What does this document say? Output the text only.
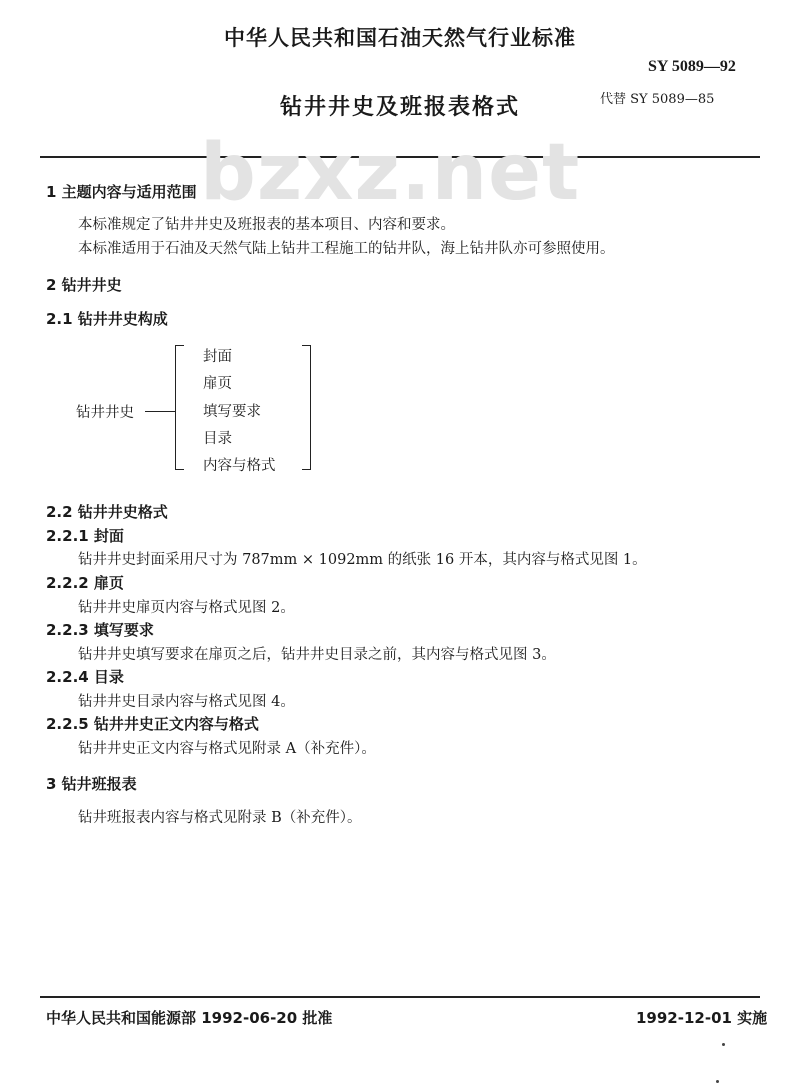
中华人民共和国石油天然气行业标准
SY 5089—92
钻井井史及班报表格式	代替 SY 5089—85
bzxz.net
1 主题内容与适用范围
本标准规定了钻井井史及班报表的基本项目、内容和要求。
本标准适用于石油及天然气陆上钻井工程施工的钻井队，海上钻井队亦可参照使用。
2 钻井井史
2.1 钻井井史构成
钻井井史
封面
扉页
填写要求
目录
内容与格式
2.2 钻井井史格式
2.2.1 封面
钻井井史封面采用尺寸为 787mm × 1092mm 的纸张 16 开本，其内容与格式见图 1。
2.2.2 扉页
钻井井史扉页内容与格式见图 2。
2.2.3 填写要求
钻井井史填写要求在扉页之后，钻井井史目录之前，其内容与格式见图 3。
2.2.4 目录
钻井井史目录内容与格式见图 4。
2.2.5 钻井井史正文内容与格式
钻井井史正文内容与格式见附录 A（补充件）。
3 钻井班报表
钻井班报表内容与格式见附录 B（补充件）。
中华人民共和国能源部 1992-06-20 批准	1992-12-01 实施
